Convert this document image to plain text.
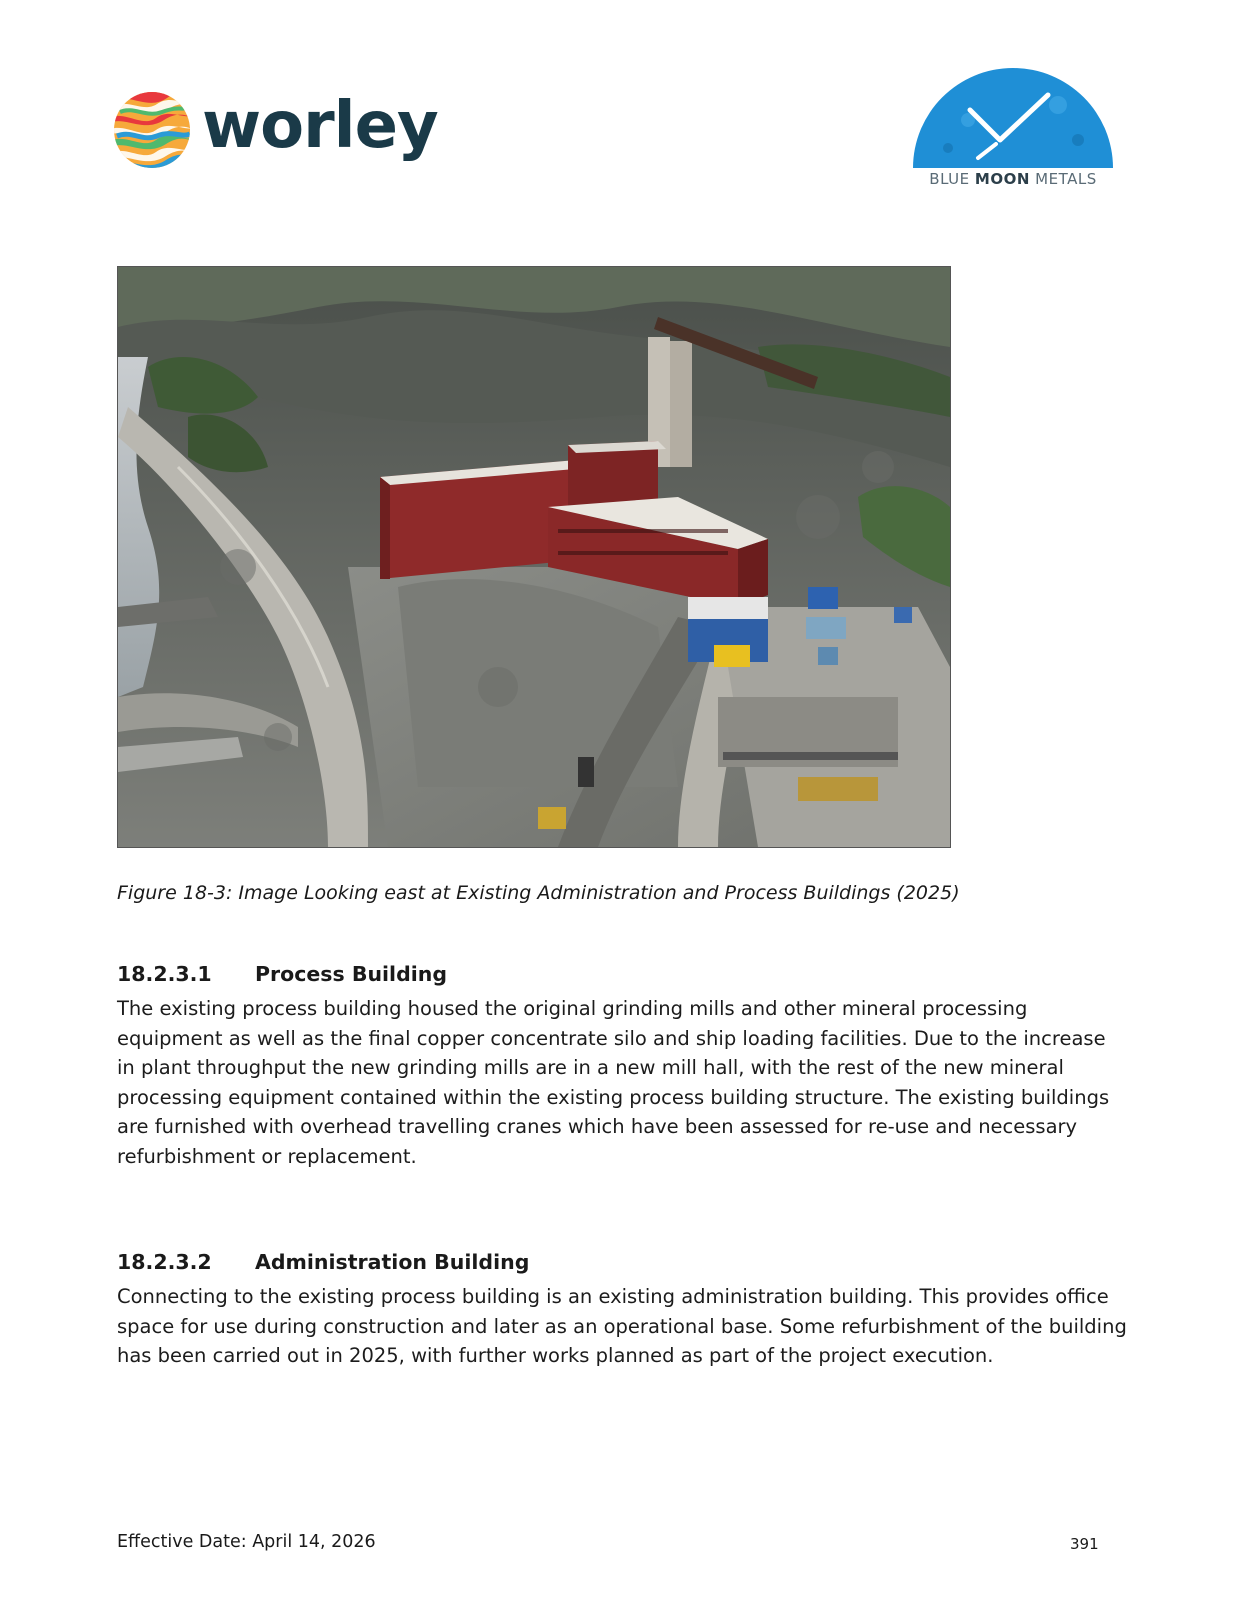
worley
BLUE MOON METALS
Figure 18-3: Image Looking east at Existing Administration and Process Buildings (2025)
18.2.3.1 Process Building

The existing process building housed the original grinding mills and other mineral processing equipment as well as the final copper concentrate silo and ship loading facilities. Due to the increase in plant throughput the new grinding mills are in a new mill hall, with the rest of the new mineral processing equipment contained within the existing process building structure. The existing buildings are furnished with overhead travelling cranes which have been assessed for re-use and necessary refurbishment or replacement.

18.2.3.2 Administration Building

Connecting to the existing process building is an existing administration building. This provides office space for use during construction and later as an operational base. Some refurbishment of the building has been carried out in 2025, with further works planned as part of the project execution.

Effective Date: April 14, 2026	391
